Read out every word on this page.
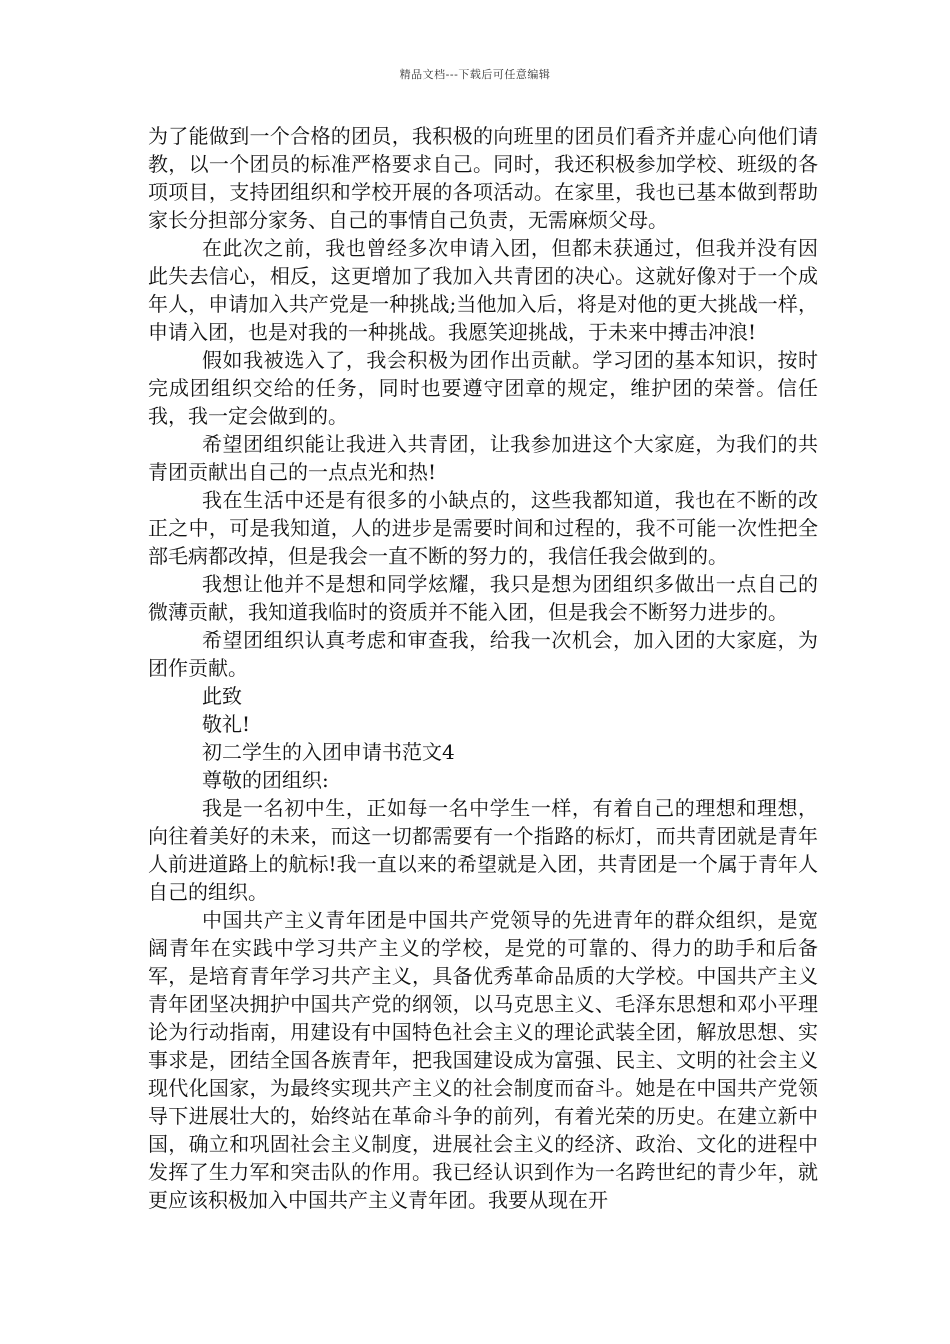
精品文档---下载后可任意编辑

为了能做到一个合格的团员，我积极的向班里的团员们看齐并虚心向他们请教，以一个团员的标准严格要求自己。同时，我还积极参加学校、班级的各项项目，支持团组织和学校开展的各项活动。在家里，我也已基本做到帮助家长分担部分家务、自己的事情自己负责，无需麻烦父母。

在此次之前，我也曾经多次申请入团，但都未获通过，但我并没有因此失去信心，相反，这更增加了我加入共青团的决心。这就好像对于一个成年人，申请加入共产党是一种挑战;当他加入后，将是对他的更大挑战一样，申请入团，也是对我的一种挑战。我愿笑迎挑战，于未来中搏击冲浪!

假如我被选入了，我会积极为团作出贡献。学习团的基本知识，按时完成团组织交给的任务，同时也要遵守团章的规定，维护团的荣誉。信任我，我一定会做到的。

希望团组织能让我进入共青团，让我参加进这个大家庭，为我们的共青团贡献出自己的一点点光和热!

我在生活中还是有很多的小缺点的，这些我都知道，我也在不断的改正之中，可是我知道，人的进步是需要时间和过程的，我不可能一次性把全部毛病都改掉，但是我会一直不断的努力的，我信任我会做到的。

我想让他并不是想和同学炫耀，我只是想为团组织多做出一点自己的微薄贡献，我知道我临时的资质并不能入团，但是我会不断努力进步的。

希望团组织认真考虑和审查我，给我一次机会，加入团的大家庭，为团作贡献。

此致

敬礼!

初二学生的入团申请书范文4

尊敬的团组织:

我是一名初中生，正如每一名中学生一样，有着自己的理想和理想，向往着美好的未来，而这一切都需要有一个指路的标灯，而共青团就是青年人前进道路上的航标!我一直以来的希望就是入团，共青团是一个属于青年人自己的组织。

中国共产主义青年团是中国共产党领导的先进青年的群众组织，是宽阔青年在实践中学习共产主义的学校，是党的可靠的、得力的助手和后备军，是培育青年学习共产主义，具备优秀革命品质的大学校。中国共产主义青年团坚决拥护中国共产党的纲领，以马克思主义、毛泽东思想和邓小平理论为行动指南，用建设有中国特色社会主义的理论武装全团，解放思想、实事求是，团结全国各族青年，把我国建设成为富强、民主、文明的社会主义现代化国家，为最终实现共产主义的社会制度而奋斗。她是在中国共产党领导下进展壮大的，始终站在革命斗争的前列，有着光荣的历史。在建立新中国，确立和巩固社会主义制度，进展社会主义的经济、政治、文化的进程中发挥了生力军和突击队的作用。我已经认识到作为一名跨世纪的青少年，就更应该积极加入中国共产主义青年团。我要从现在开
